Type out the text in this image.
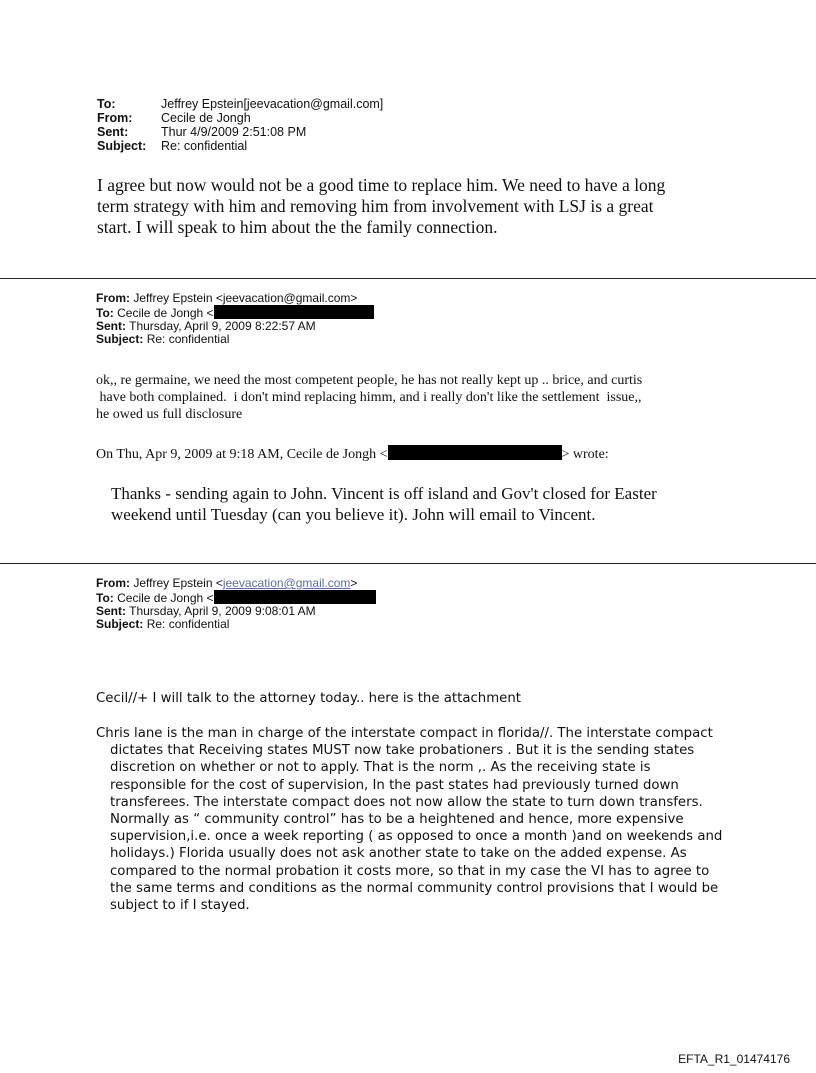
To:	Jeffrey Epstein[jeevacation@gmail.com]
From:	Cecile de Jongh
Sent:	Thur 4/9/2009 2:51:08 PM
Subject:	Re: confidential
I agree but now would not be a good time to replace him. We need to have a long
term strategy with him and removing him from involvement with LSJ is a great
start. I will speak to him about the the family connection.
From: Jeffrey Epstein <jeevacation@gmail.com>
To: Cecile de Jongh <
Sent: Thursday, April 9, 2009 8:22:57 AM
Subject: Re: confidential
ok,, re germaine, we need the most competent people, he has not really kept up .. brice, and curtis
have both complained.  i don't mind replacing himm, and i really don't like the settlement  issue,,
he owed us full disclosure
On Thu, Apr 9, 2009 at 9:18 AM, Cecile de Jongh <	> wrote:
Thanks - sending again to John. Vincent is off island and Gov't closed for Easter
weekend until Tuesday (can you believe it). John will email to Vincent.
From: Jeffrey Epstein <jeevacation@gmail.com>
To: Cecile de Jongh <
Sent: Thursday, April 9, 2009 9:08:01 AM
Subject: Re: confidential
Cecil//+ I will talk to the attorney today.. here is the attachment
Chris lane is the man in charge of the interstate compact in florida//. The interstate compact dictates that Receiving states MUST now take probationers . But it is the sending states discretion on whether or not to apply. That is the norm ,. As the receiving state is responsible for the cost of supervision, In the past states had previously turned down transferees. The interstate compact does not now allow the state to turn down transfers. Normally as “ community control” has to be a heightened and hence, more expensive supervision,i.e. once a week reporting ( as opposed to once a month )and on weekends and holidays.) Florida usually does not ask another state to take on the added expense. As compared to the normal probation it costs more, so that in my case the VI has to agree to the same terms and conditions as the normal community control provisions that I would be subject to if I stayed.
EFTA_R1_01474176
